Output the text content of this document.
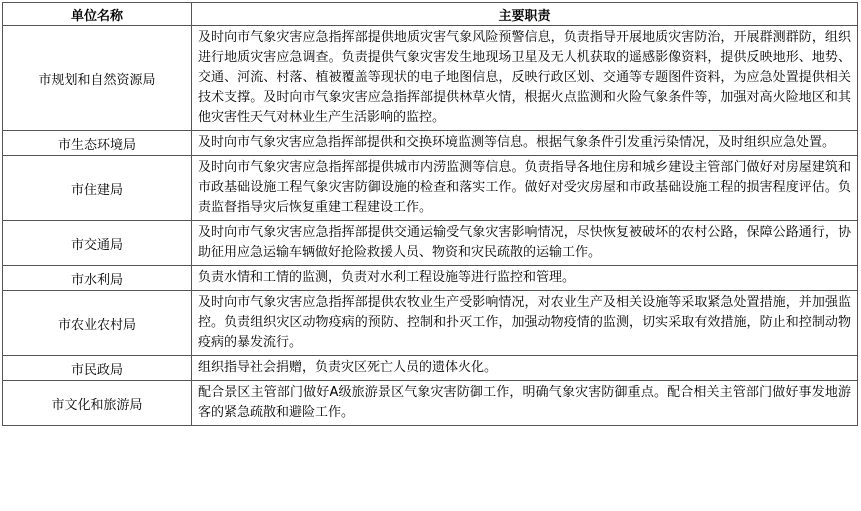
单位名称	主要职责
市规划和自然资源局	及时向市气象灾害应急指挥部提供地质灾害气象风险预警信息，负责指导开展地质灾害防治，开展群测群防，组织进行地质灾害应急调查。负责提供气象灾害发生地现场卫星及无人机获取的遥感影像资料，提供反映地形、地势、交通、河流、村落、植被覆盖等现状的电子地图信息，反映行政区划、交通等专题图件资料，为应急处置提供相关技术支撑。及时向市气象灾害应急指挥部提供林草火情，根据火点监测和火险气象条件等，加强对高火险地区和其他灾害性天气对林业生产生活影响的监控。
市生态环境局	及时向市气象灾害应急指挥部提供和交换环境监测等信息。根据气象条件引发重污染情况，及时组织应急处置。
市住建局	及时向市气象灾害应急指挥部提供城市内涝监测等信息。负责指导各地住房和城乡建设主管部门做好对房屋建筑和市政基础设施工程气象灾害防御设施的检查和落实工作。做好对受灾房屋和市政基础设施工程的损害程度评估。负责监督指导灾后恢复重建工程建设工作。
市交通局	及时向市气象灾害应急指挥部提供交通运输受气象灾害影响情况，尽快恢复被破坏的农村公路，保障公路通行，协助征用应急运输车辆做好抢险救援人员、物资和灾民疏散的运输工作。
市水利局	负责水情和工情的监测，负责对水利工程设施等进行监控和管理。
市农业农村局	及时向市气象灾害应急指挥部提供农牧业生产受影响情况，对农业生产及相关设施等采取紧急处置措施，并加强监控。负责组织灾区动物疫病的预防、控制和扑灭工作，加强动物疫情的监测，切实采取有效措施，防止和控制动物疫病的暴发流行。
市民政局	组织指导社会捐赠，负责灾区死亡人员的遗体火化。
市文化和旅游局	配合景区主管部门做好A级旅游景区气象灾害防御工作，明确气象灾害防御重点。配合相关主管部门做好事发地游客的紧急疏散和避险工作。
